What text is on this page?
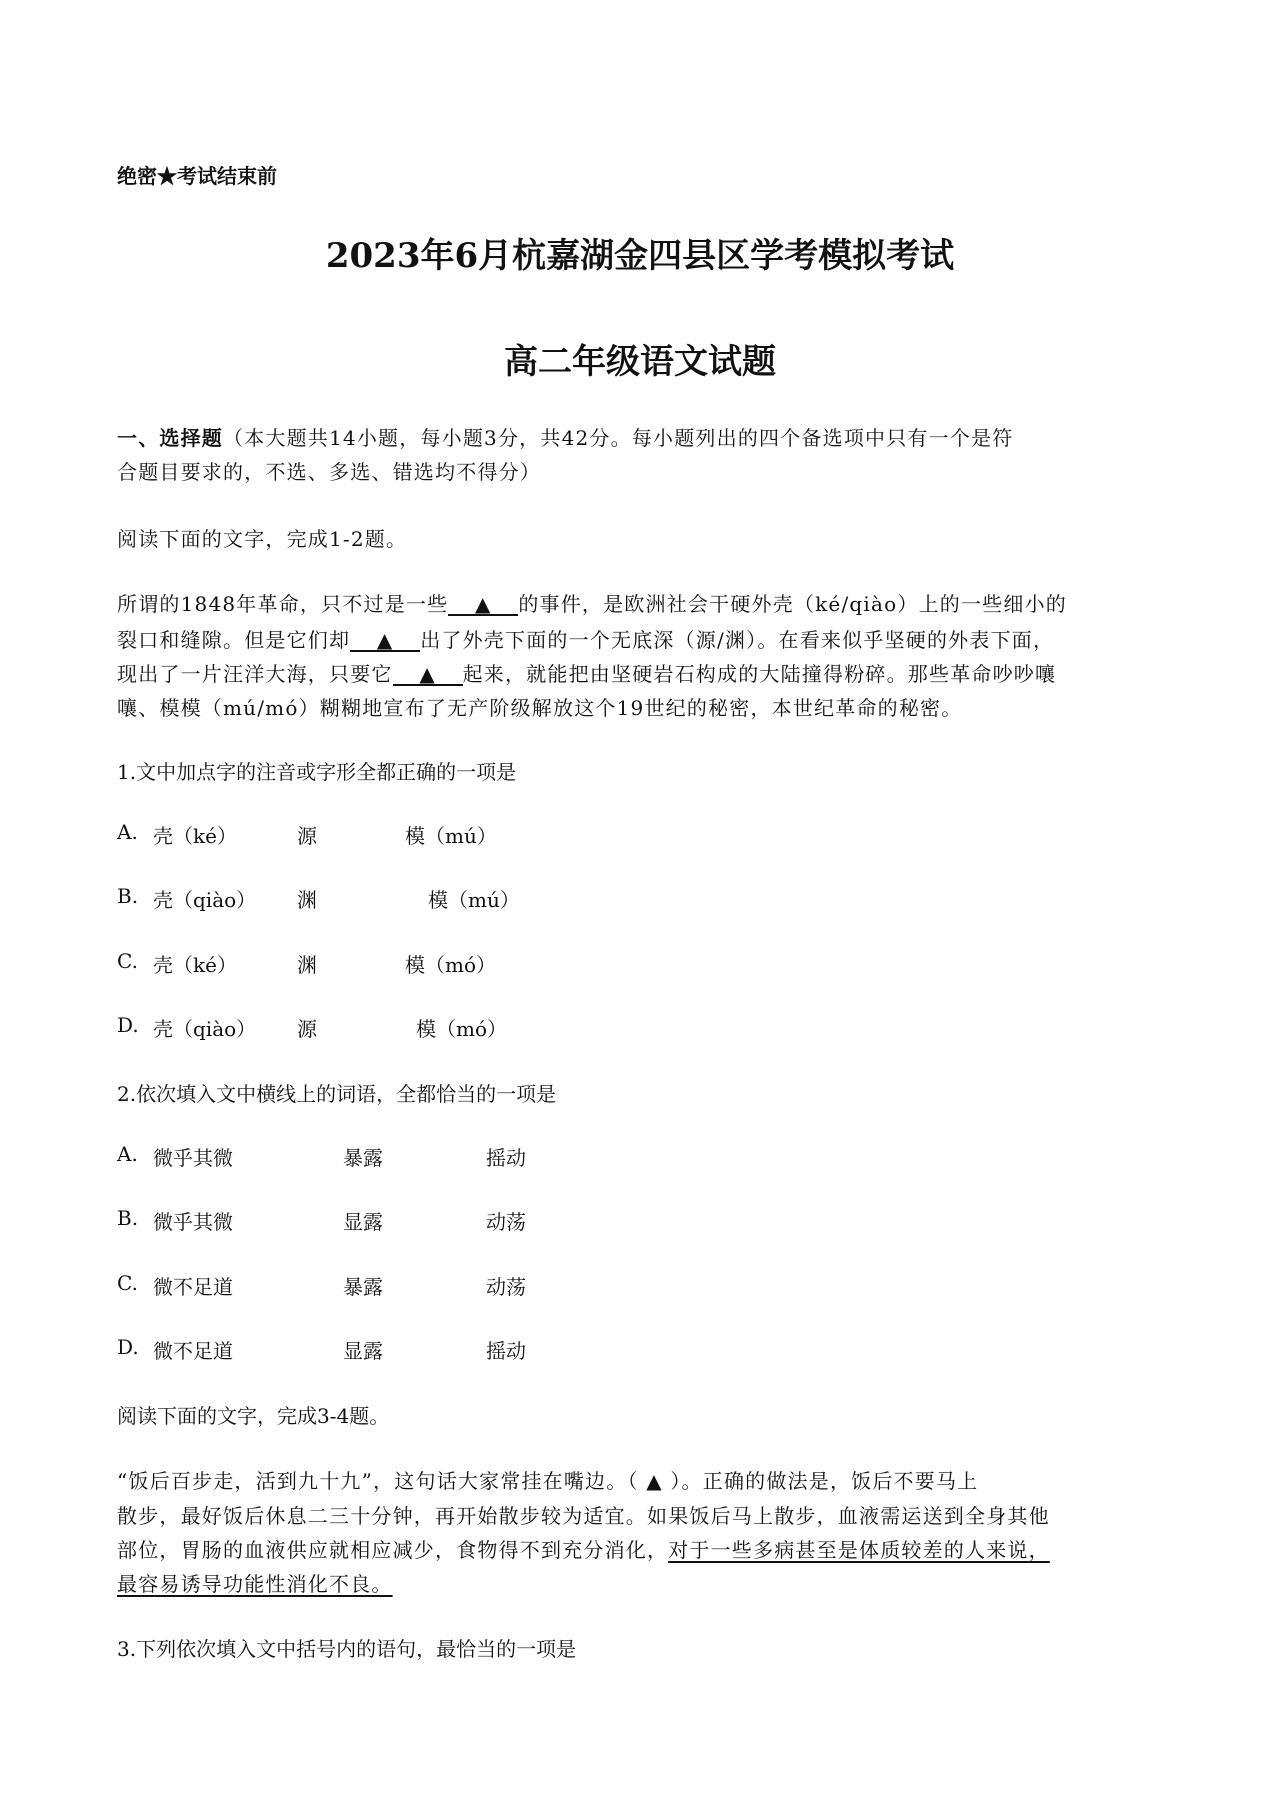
绝密★考试结束前
2023年6月杭嘉湖金四县区学考模拟考试
高二年级语文试题
一、选择题（本大题共14小题，每小题3分，共42分。每小题列出的四个备选项中只有一个是符
合题目要求的，不选、多选、错选均不得分）
阅读下面的文字，完成1-2题。
所谓的1848年革命，只不过是一些 ▲ 的事件，是欧洲社会干硬外壳（ké/qiào）上的一些细小的
裂口和缝隙。但是它们却 ▲ 出了外壳下面的一个无底深（源/渊）。在看来似乎坚硬的外表下面，
现出了一片汪洋大海，只要它 ▲ 起来，就能把由坚硬岩石构成的大陆撞得粉碎。那些革命吵吵嚷
嚷、模模（mú/mó）糊糊地宣布了无产阶级解放这个19世纪的秘密，本世纪革命的秘密。
1.文中加点字的注音或字形全都正确的一项是
A. 壳（ké）	源	模（mú）
B. 壳（qiào） 渊	模（mú）
C. 壳（ké）	渊	模（mó）
D. 壳（qiào） 源	模（mó）
2.依次填入文中横线上的词语，全都恰当的一项是
A. 微乎其微	暴露	摇动
B. 微乎其微	显露	动荡
C. 微不足道	暴露	动荡
D. 微不足道	显露	摇动
阅读下面的文字，完成3-4题。
“饭后百步走，活到九十九”，这句话大家常挂在嘴边。（ ▲ ）。正确的做法是，饭后不要马上
散步，最好饭后休息二三十分钟，再开始散步较为适宜。如果饭后马上散步，血液需运送到全身其他
部位，胃肠的血液供应就相应减少，食物得不到充分消化，对于一些多病甚至是体质较差的人来说，
最容易诱导功能性消化不良。
3.下列依次填入文中括号内的语句，最恰当的一项是
